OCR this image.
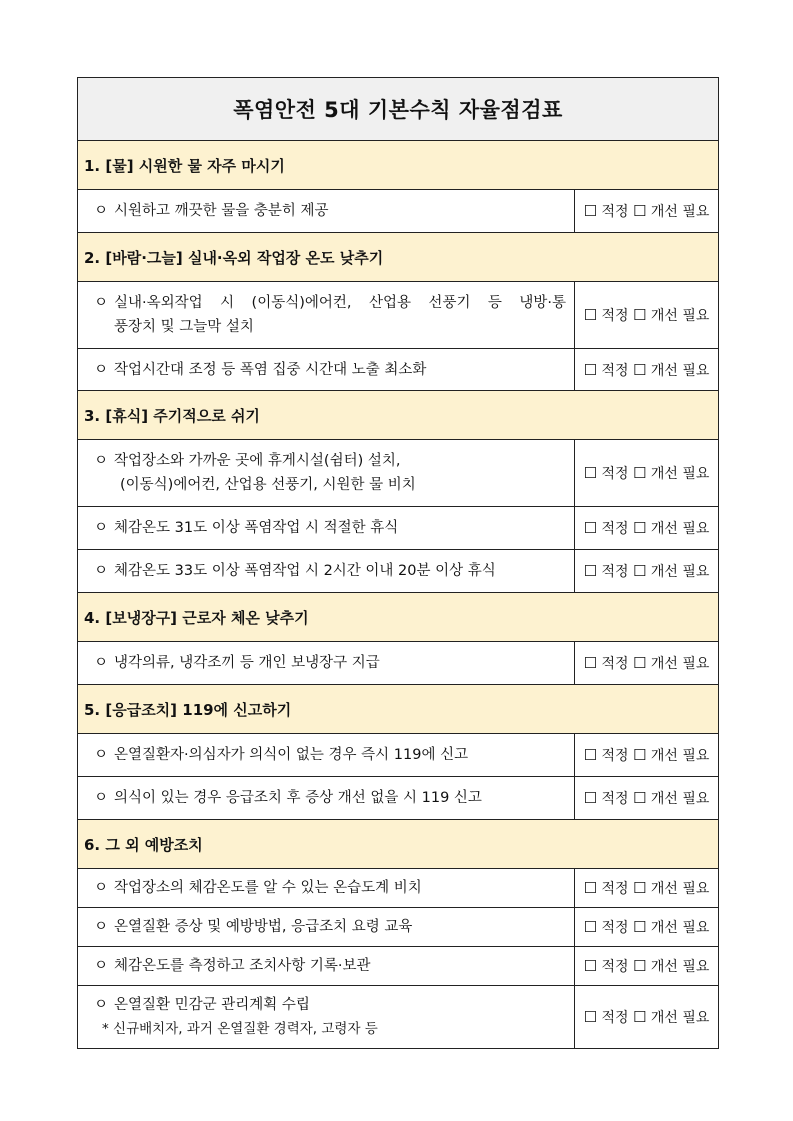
폭염안전 5대 기본수칙 자율점검표	
1. [물] 시원한 물 자주 마시기	

ㅇ 시원하고 깨끗한 물을 충분히 제공	☐ 적정 ☐ 개선 필요
2. [바람·그늘] 실내·옥외 작업장 온도 낮추기	

ㅇ 실내·옥외작업 시 (이동식)에어컨, 산업용 선풍기 등 냉방·통
풍장치 및 그늘막 설치	☐ 적정 ☐ 개선 필요

ㅇ 작업시간대 조정 등 폭염 집중 시간대 노출 최소화	☐ 적정 ☐ 개선 필요
3. [휴식] 주기적으로 쉬기	

ㅇ 작업장소와 가까운 곳에 휴게시설(쉼터) 설치,
(이동식)에어컨, 산업용 선풍기, 시원한 물 비치	☐ 적정 ☐ 개선 필요

ㅇ 체감온도 31도 이상 폭염작업 시 적절한 휴식	☐ 적정 ☐ 개선 필요

ㅇ 체감온도 33도 이상 폭염작업 시 2시간 이내 20분 이상 휴식	☐ 적정 ☐ 개선 필요
4. [보냉장구] 근로자 체온 낮추기	

ㅇ 냉각의류, 냉각조끼 등 개인 보냉장구 지급	☐ 적정 ☐ 개선 필요
5. [응급조치] 119에 신고하기	

ㅇ 온열질환자·의심자가 의식이 없는 경우 즉시 119에 신고	☐ 적정 ☐ 개선 필요

ㅇ 의식이 있는 경우 응급조치 후 증상 개선 없을 시 119 신고	☐ 적정 ☐ 개선 필요
6. 그 외 예방조치	

ㅇ 작업장소의 체감온도를 알 수 있는 온습도계 비치	☐ 적정 ☐ 개선 필요

ㅇ 온열질환 증상 및 예방방법, 응급조치 요령 교육	☐ 적정 ☐ 개선 필요

ㅇ 체감온도를 측정하고 조치사항 기록·보관	☐ 적정 ☐ 개선 필요

ㅇ 온열질환 민감군 관리계획 수립
* 신규배치자, 과거 온열질환 경력자, 고령자 등	☐ 적정 ☐ 개선 필요
